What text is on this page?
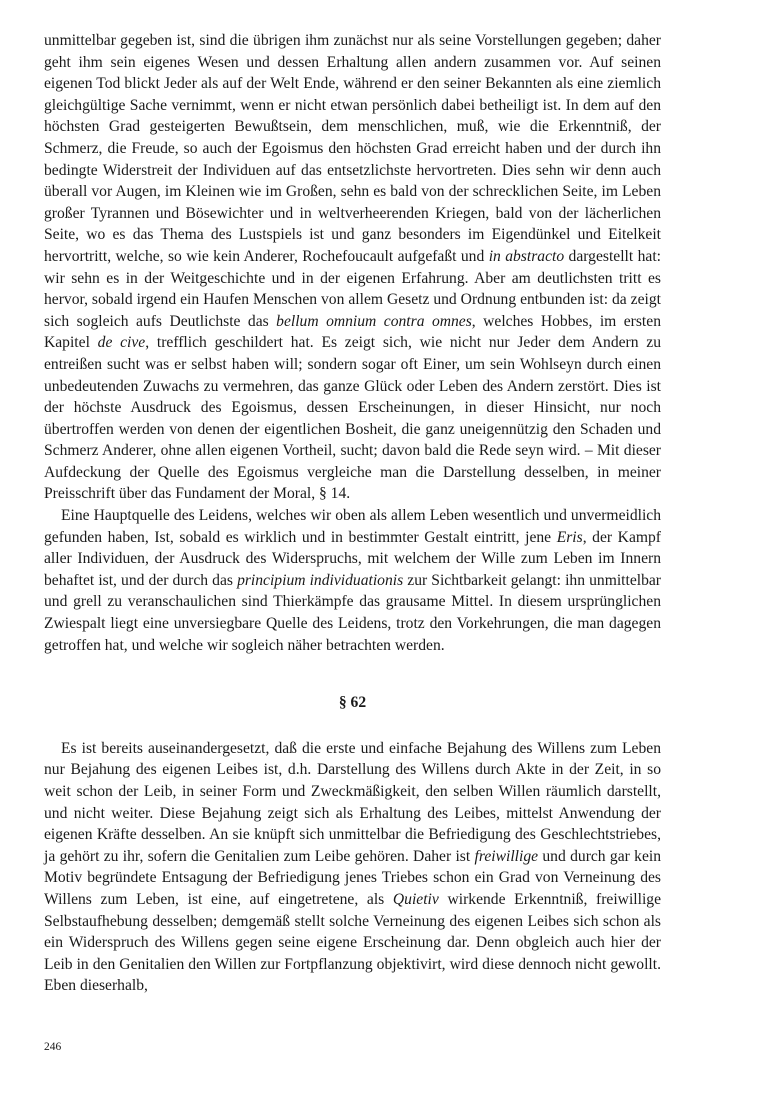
unmittelbar gegeben ist, sind die übrigen ihm zunächst nur als seine Vorstellungen gegeben; daher geht ihm sein eigenes Wesen und dessen Erhaltung allen andern zusammen vor. Auf seinen eigenen Tod blickt Jeder als auf der Welt Ende, während er den seiner Bekannten als eine ziemlich gleichgültige Sache vernimmt, wenn er nicht etwan persönlich dabei betheiligt ist. In dem auf den höchsten Grad gesteigerten Bewußtsein, dem menschlichen, muß, wie die Erkenntniß, der Schmerz, die Freude, so auch der Egoismus den höchsten Grad erreicht haben und der durch ihn bedingte Widerstreit der Individuen auf das entsetzlichste hervortreten. Dies sehn wir denn auch überall vor Augen, im Kleinen wie im Großen, sehn es bald von der schrecklichen Seite, im Leben großer Tyrannen und Bösewichter und in weltverheerenden Kriegen, bald von der lächerlichen Seite, wo es das Thema des Lustspiels ist und ganz besonders im Eigendünkel und Eitelkeit hervortritt, welche, so wie kein Anderer, Rochefoucault aufgefaßt und in abstracto dargestellt hat: wir sehn es in der Weitgeschichte und in der eigenen Erfahrung. Aber am deutlichsten tritt es hervor, sobald irgend ein Haufen Menschen von allem Gesetz und Ordnung entbunden ist: da zeigt sich sogleich aufs Deutlichste das bellum omnium contra omnes, welches Hobbes, im ersten Kapitel de cive, trefflich geschildert hat. Es zeigt sich, wie nicht nur Jeder dem Andern zu entreißen sucht was er selbst haben will; sondern sogar oft Einer, um sein Wohlseyn durch einen unbedeutenden Zuwachs zu vermehren, das ganze Glück oder Leben des Andern zerstört. Dies ist der höchste Ausdruck des Egoismus, dessen Erscheinungen, in dieser Hinsicht, nur noch übertroffen werden von denen der eigentlichen Bosheit, die ganz uneigennützig den Schaden und Schmerz Anderer, ohne allen eigenen Vortheil, sucht; davon bald die Rede seyn wird. – Mit dieser Aufdeckung der Quelle des Egoismus vergleiche man die Darstellung desselben, in meiner Preisschrift über das Fundament der Moral, § 14.

Eine Hauptquelle des Leidens, welches wir oben als allem Leben wesentlich und unvermeidlich gefunden haben, Ist, sobald es wirklich und in bestimmter Gestalt eintritt, jene Eris, der Kampf aller Individuen, der Ausdruck des Widerspruchs, mit welchem der Wille zum Leben im Innern behaftet ist, und der durch das principium individuationis zur Sichtbarkeit gelangt: ihn unmittelbar und grell zu veranschaulichen sind Thierkämpfe das grausame Mittel. In diesem ursprünglichen Zwiespalt liegt eine unversiegbare Quelle des Leidens, trotz den Vorkehrungen, die man dagegen getroffen hat, und welche wir sogleich näher betrachten werden.

§ 62

Es ist bereits auseinandergesetzt, daß die erste und einfache Bejahung des Willens zum Leben nur Bejahung des eigenen Leibes ist, d.h. Darstellung des Willens durch Akte in der Zeit, in so weit schon der Leib, in seiner Form und Zweckmäßigkeit, den selben Willen räumlich darstellt, und nicht weiter. Diese Bejahung zeigt sich als Erhaltung des Leibes, mittelst Anwendung der eigenen Kräfte desselben. An sie knüpft sich unmittelbar die Befriedigung des Geschlechtstriebes, ja gehört zu ihr, sofern die Genitalien zum Leibe gehören. Daher ist freiwillige und durch gar kein Motiv begründete Entsagung der Befriedigung jenes Triebes schon ein Grad von Verneinung des Willens zum Leben, ist eine, auf eingetretene, als Quietiv wirkende Erkenntniß, freiwillige Selbstaufhebung desselben; demgemäß stellt solche Verneinung des eigenen Leibes sich schon als ein Widerspruch des Willens gegen seine eigene Erscheinung dar. Denn obgleich auch hier der Leib in den Genitalien den Willen zur Fortpflanzung objektivirt, wird diese dennoch nicht gewollt. Eben dieserhalb,

246
